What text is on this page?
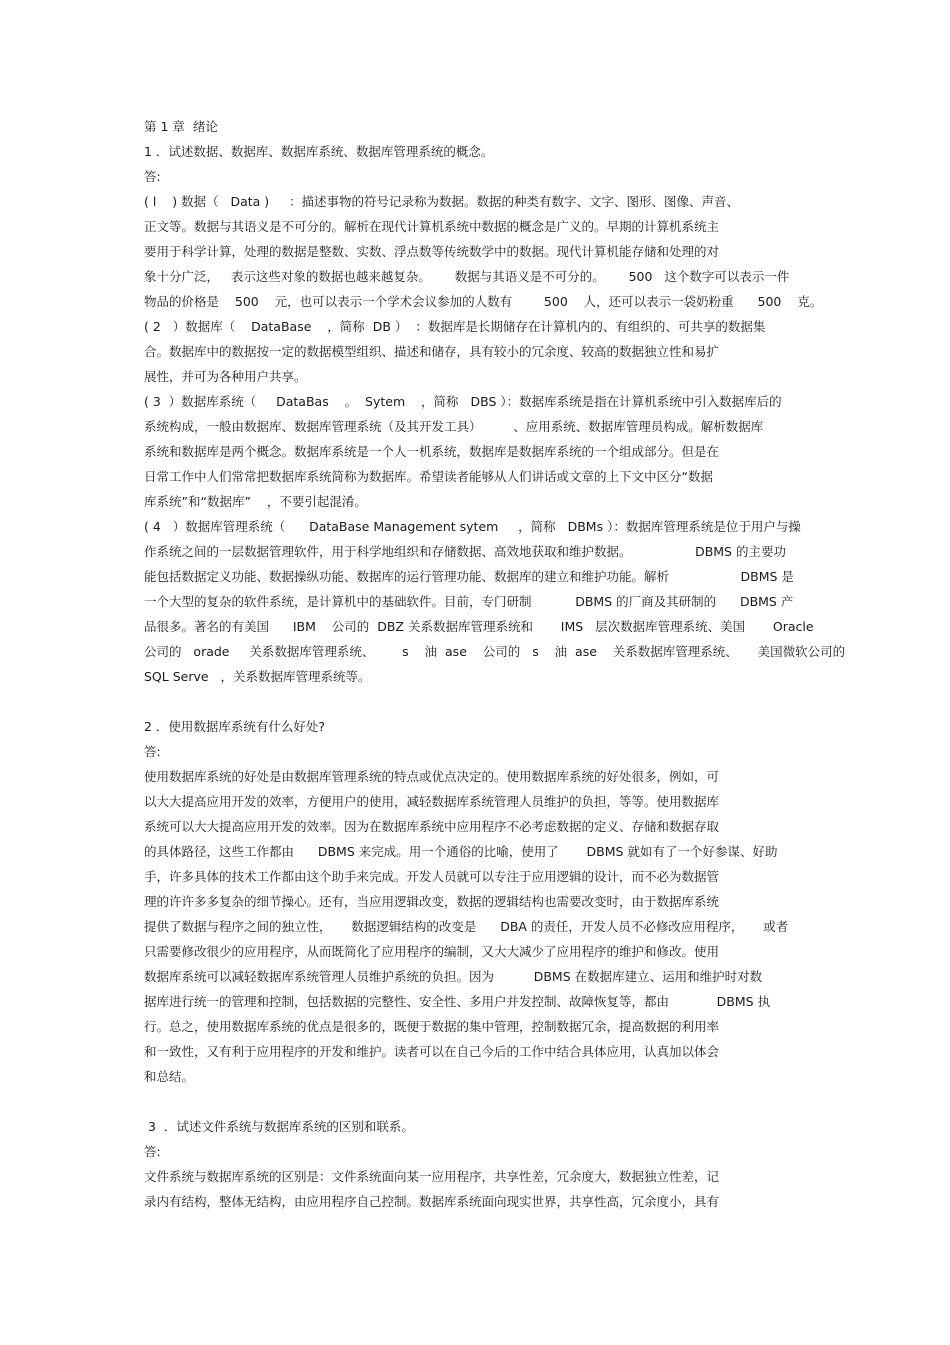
第 1 章  绪论
1 ．试述数据、数据库、数据库系统、数据库管理系统的概念。
答:
( l    ) 数据（   Data )     ：描述事物的符号记录称为数据。数据的种类有数字、文字、图形、图像、声音、
正文等。数据与其语义是不可分的。解析在现代计算机系统中数据的概念是广义的。早期的计算机系统主
要用于科学计算，处理的数据是整数、实数、浮点数等传统数学中的数据。现代计算机能存储和处理的对
象十分广泛，   表示这些对象的数据也越来越复杂。      数据与其语义是不可分的。      500   这个数字可以表示一件
物品的价格是    500    元，也可以表示一个学术会议参加的人数有        500    人，还可以表示一袋奶粉重      500    克。
( 2   ）数据库（    DataBase    ，简称  DB ）  ：数据库是长期储存在计算机内的、有组织的、可共享的数据集
合。数据库中的数据按一定的数据模型组织、描述和储存，具有较小的冗余度、较高的数据独立性和易扩
展性，并可为各种用户共享。
( 3  ）数据库系统（     DataBas    。  Sytem    ，简称   DBS ）：数据库系统是指在计算机系统中引入数据库后的
系统构成，一般由数据库、数据库管理系统（及其开发工具）        、应用系统、数据库管理员构成。解析数据库
系统和数据库是两个概念。数据库系统是一个人一机系统，数据库是数据库系统的一个组成部分。但是在
日常工作中人们常常把数据库系统简称为数据库。希望读者能够从人们讲话或文章的上下文中区分“数据
库系统”和“数据库”    ，不要引起混淆。
( 4   ）数据库管理系统（      DataBase Management sytem     ，简称   DBMs ）：数据库管理系统是位于用户与操
作系统之间的一层数据管理软件，用于科学地组织和存储数据、高效地获取和维护数据。                DBMS 的主要功
能包括数据定义功能、数据操纵功能、数据库的运行管理功能、数据库的建立和维护功能。解析                  DBMS 是
一个大型的复杂的软件系统，是计算机中的基础软件。目前，专门研制           DBMS 的厂商及其研制的      DBMS 产
品很多。著名的有美国      IBM    公司的  DBZ 关系数据库管理系统和       IMS   层次数据库管理系统、美国       Oracle
公司的   orade     关系数据库管理系统、       s    油  ase    公司的   s    油  ase    关系数据库管理系统、     美国微软公司的
SQL Serve   ，关系数据库管理系统等。
2 ．使用数据库系统有什么好处?
答:
使用数据库系统的好处是由数据库管理系统的特点或优点决定的。使用数据库系统的好处很多，例如，可
以大大提高应用开发的效率，方便用户的使用，减轻数据库系统管理人员维护的负担，等等。使用数据库
系统可以大大提高应用开发的效率。因为在数据库系统中应用程序不必考虑数据的定义、存储和数据存取
的具体路径，这些工作都由      DBMS 来完成。用一个通俗的比喻，使用了       DBMS 就如有了一个好参谋、好助
手，许多具体的技术工作都由这个助手来完成。开发人员就可以专注于应用逻辑的设计，而不必为数据管
理的许许多多复杂的细节操心。还有，当应用逻辑改变，数据的逻辑结构也需要改变时，由于数据库系统
提供了数据与程序之间的独立性，     数据逻辑结构的改变是      DBA 的责任，开发人员不必修改应用程序，     或者
只需要修改很少的应用程序，从而既简化了应用程序的编制，又大大减少了应用程序的维护和修改。使用
数据库系统可以减轻数据库系统管理人员维护系统的负担。因为          DBMS 在数据库建立、运用和维护时对数
据库进行统一的管理和控制，包括数据的完整性、安全性、多用户并发控制、故障恢复等，都由            DBMS 执
行。总之，使用数据库系统的优点是很多的，既便于数据的集中管理，控制数据冗余，提高数据的利用率
和一致性，又有利于应用程序的开发和维护。读者可以在自己今后的工作中结合具体应用，认真加以体会
和总结。
3  ．试述文件系统与数据库系统的区别和联系。
答:
文件系统与数据库系统的区别是：文件系统面向某一应用程序，共享性差，冗余度大，数据独立性差，记
录内有结构，整体无结构，由应用程序自己控制。数据库系统面向现实世界，共享性高，冗余度小，具有
